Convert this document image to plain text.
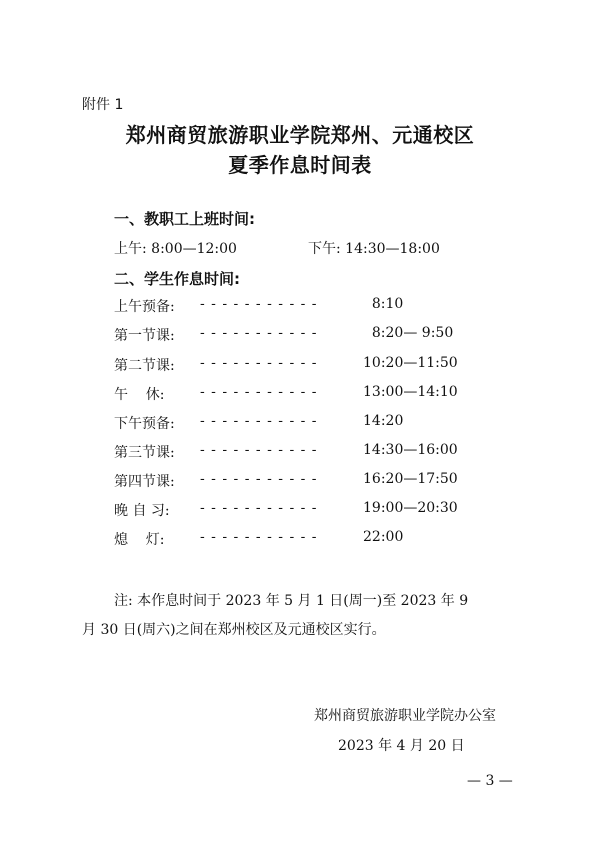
附件 1
郑州商贸旅游职业学院郑州、元通校区
夏季作息时间表
一、教职工上班时间:
上午: 8:00—12:00	下午: 14:30—18:00
二、学生作息时间:
上午预备: - - - - - - - - - - -	8:10
第一节课: - - - - - - - - - - -	8:20— 9:50
第二节课: - - - - - - - - - - -	10:20—11:50
午    休:	- - - - - - - - - - -	13:00—14:10
下午预备: - - - - - - - - - - -	14:20
第三节课: - - - - - - - - - - -	14:30—16:00
第四节课: - - - - - - - - - - -	16:20—17:50
晚 自 习: - - - - - - - - - - -	19:00—20:30
熄    灯:	- - - - - - - - - - -	22:00
注: 本作息时间于 2023 年 5 月 1 日(周一)至 2023 年 9
月 30 日(周六)之间在郑州校区及元通校区实行。
郑州商贸旅游职业学院办公室
2023 年 4 月 20 日
— 3 —
